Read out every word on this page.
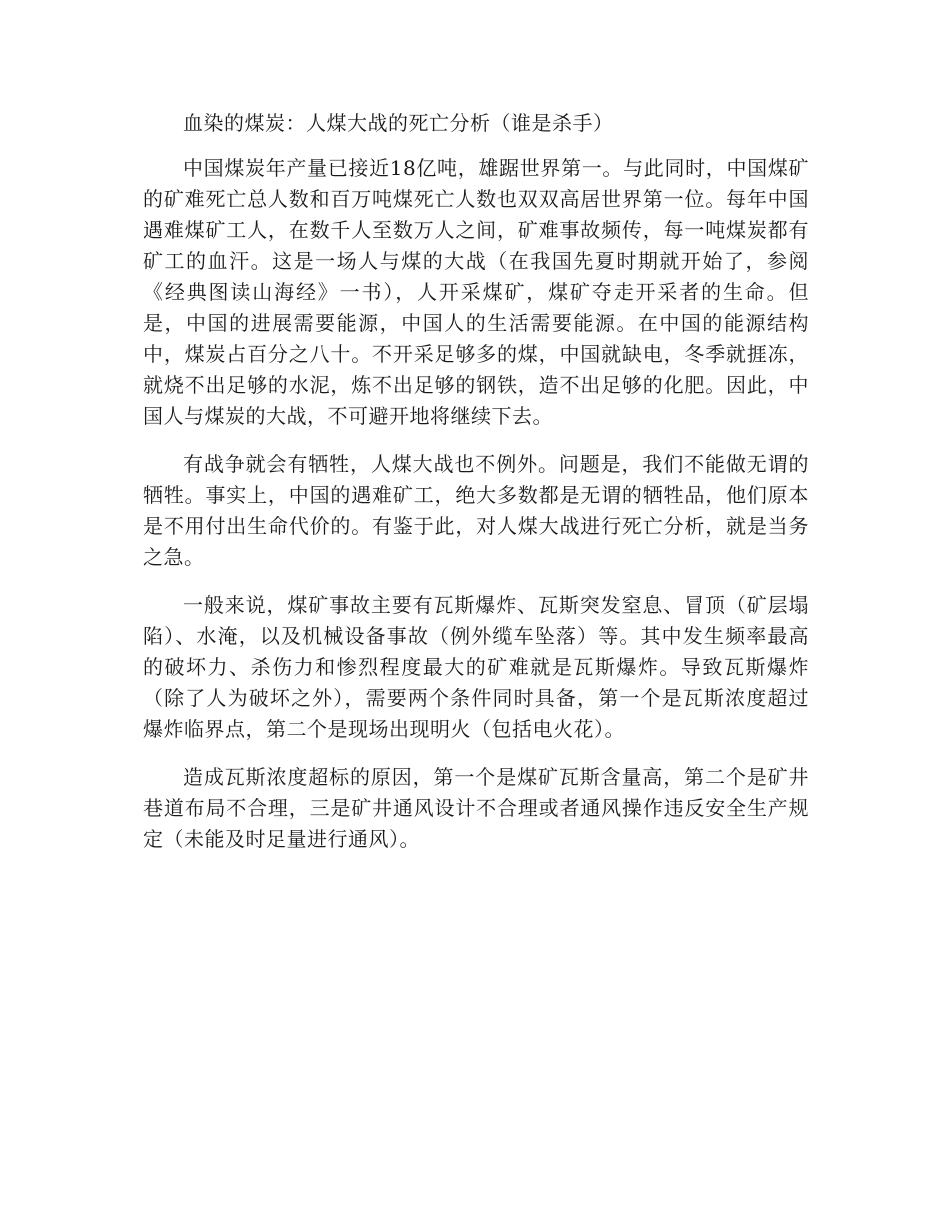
血染的煤炭：人煤大战的死亡分析（谁是杀手）

中国煤炭年产量已接近18亿吨，雄踞世界第一。与此同时，中国煤矿的矿难死亡总人数和百万吨煤死亡人数也双双高居世界第一位。每年中国遇难煤矿工人，在数千人至数万人之间，矿难事故频传，每一吨煤炭都有矿工的血汗。这是一场人与煤的大战（在我国先夏时期就开始了，参阅《经典图读山海经》一书），人开采煤矿，煤矿夺走开采者的生命。但是，中国的进展需要能源，中国人的生活需要能源。在中国的能源结构中，煤炭占百分之八十。不开采足够多的煤，中国就缺电，冬季就捱冻，就烧不出足够的水泥，炼不出足够的钢铁，造不出足够的化肥。因此，中国人与煤炭的大战，不可避开地将继续下去。

有战争就会有牺牲，人煤大战也不例外。问题是，我们不能做无谓的牺牲。事实上，中国的遇难矿工，绝大多数都是无谓的牺牲品，他们原本是不用付出生命代价的。有鉴于此，对人煤大战进行死亡分析，就是当务之急。

一般来说，煤矿事故主要有瓦斯爆炸、瓦斯突发窒息、冒顶（矿层塌陷）、水淹，以及机械设备事故（例外缆车坠落）等。其中发生频率最高的破坏力、杀伤力和惨烈程度最大的矿难就是瓦斯爆炸。导致瓦斯爆炸（除了人为破坏之外），需要两个条件同时具备，第一个是瓦斯浓度超过爆炸临界点，第二个是现场出现明火（包括电火花）。

造成瓦斯浓度超标的原因，第一个是煤矿瓦斯含量高，第二个是矿井巷道布局不合理，三是矿井通风设计不合理或者通风操作违反安全生产规定（未能及时足量进行通风）。
